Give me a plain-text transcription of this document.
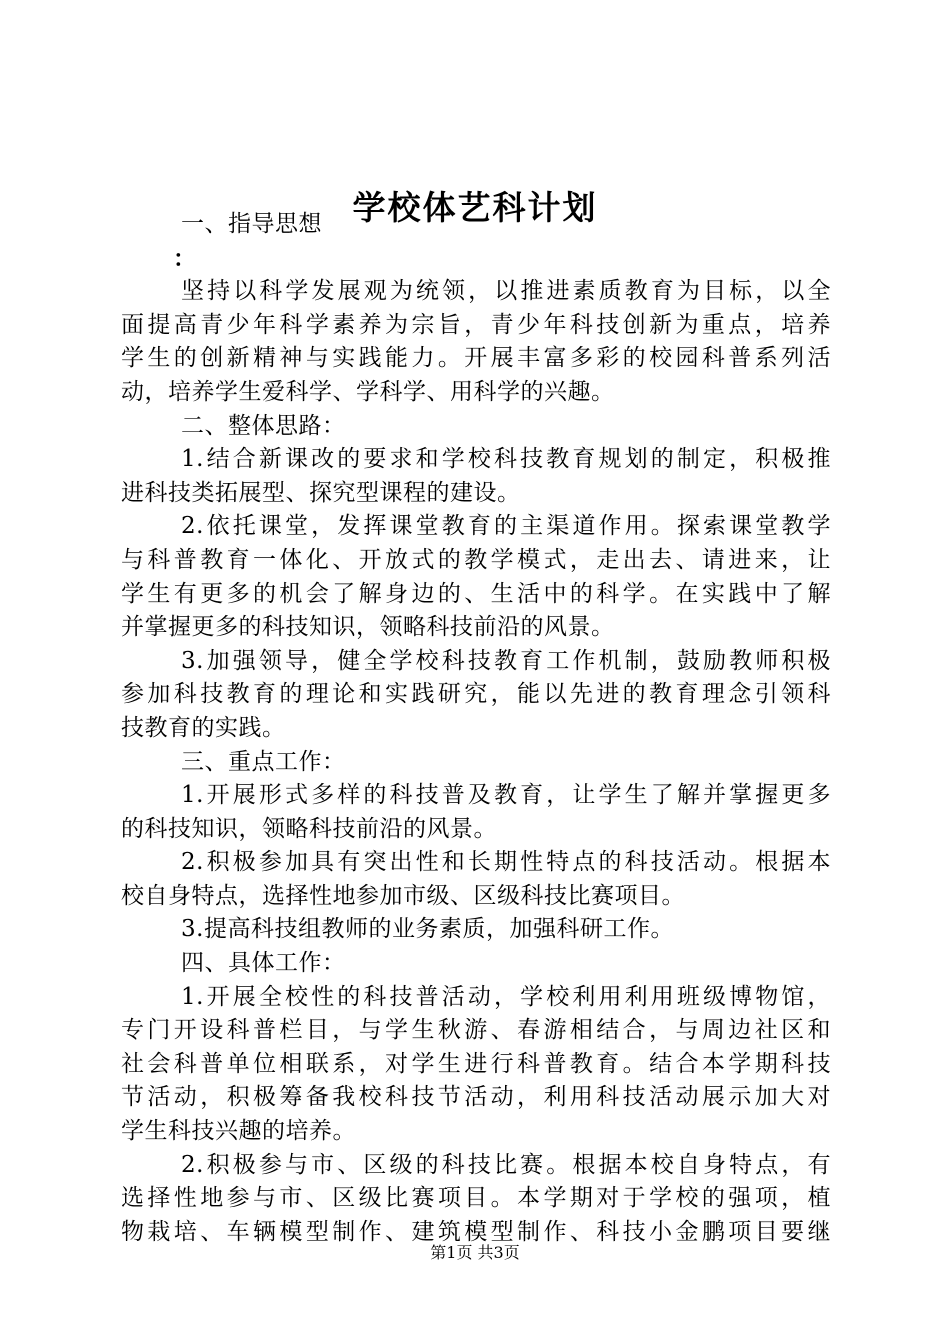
学校体艺科计划
一、指导思想
：
坚持以科学发展观为统领，以推进素质教育为目标，以全
面提高青少年科学素养为宗旨，青少年科技创新为重点，培养
学生的创新精神与实践能力。开展丰富多彩的校园科普系列活
动，培养学生爱科学、学科学、用科学的兴趣。
二、整体思路：
1.结合新课改的要求和学校科技教育规划的制定，积极推
进科技类拓展型、探究型课程的建设。
2.依托课堂，发挥课堂教育的主渠道作用。探索课堂教学
与科普教育一体化、开放式的教学模式，走出去、请进来，让
学生有更多的机会了解身边的、生活中的科学。在实践中了解
并掌握更多的科技知识，领略科技前沿的风景。
3.加强领导，健全学校科技教育工作机制，鼓励教师积极
参加科技教育的理论和实践研究，能以先进的教育理念引领科
技教育的实践。
三、重点工作：
1.开展形式多样的科技普及教育，让学生了解并掌握更多
的科技知识，领略科技前沿的风景。
2.积极参加具有突出性和长期性特点的科技活动。根据本
校自身特点，选择性地参加市级、区级科技比赛项目。
3.提高科技组教师的业务素质，加强科研工作。
四、具体工作：
1.开展全校性的科技普活动，学校利用利用班级博物馆，
专门开设科普栏目，与学生秋游、春游相结合，与周边社区和
社会科普单位相联系，对学生进行科普教育。结合本学期科技
节活动，积极筹备我校科技节活动，利用科技活动展示加大对
学生科技兴趣的培养。
2.积极参与市、区级的科技比赛。根据本校自身特点，有
选择性地参与市、区级比赛项目。本学期对于学校的强项，植
物栽培、车辆模型制作、建筑模型制作、科技小金鹏项目要继
第1页 共3页
